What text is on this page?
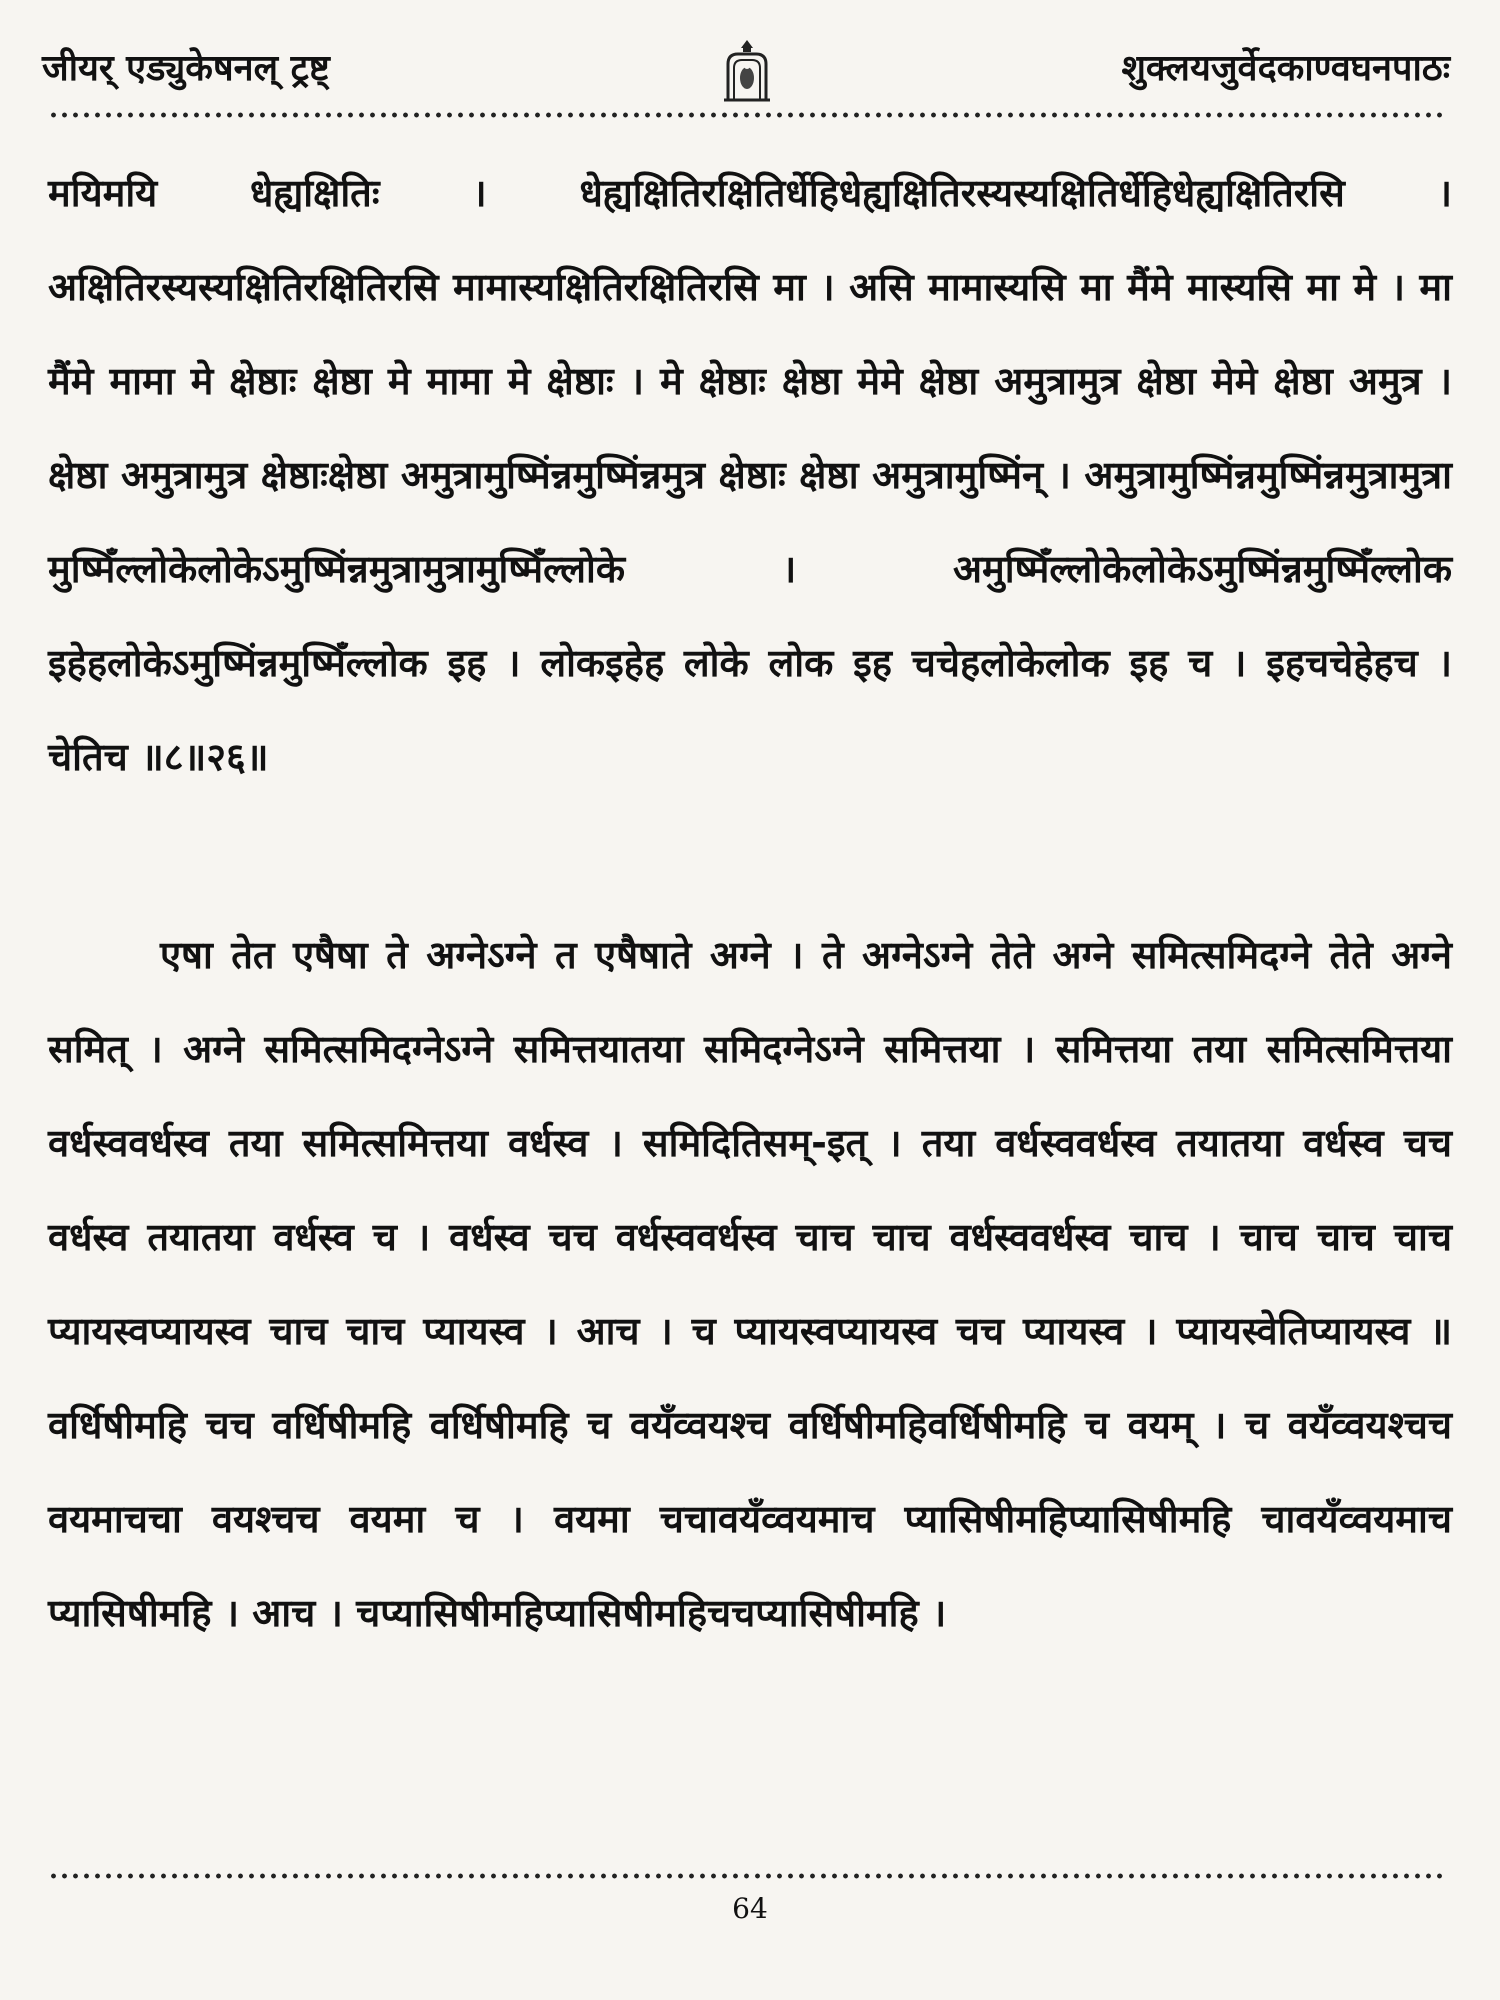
जीयर् एड्युकेषनल् ट्रष्ट्	शुक्लयजुर्वेदकाण्वघनपाठः

मयिमयि धेह्यक्षितिः । धेह्यक्षितिरक्षितिर्धेहिधेह्यक्षितिरस्यस्यक्षितिर्धेहिधेह्यक्षितिरसि । अक्षितिरस्यस्यक्षितिरक्षितिरसि मामास्यक्षितिरक्षितिरसि मा । असि मामास्यसि मा मैंमे मास्यसि मा मे । मा मैंमे मामा मे क्षेष्ठाः क्षेष्ठा मे मामा मे क्षेष्ठाः । मे क्षेष्ठाः क्षेष्ठा मेमे क्षेष्ठा अमुत्रामुत्र क्षेष्ठा मेमे क्षेष्ठा अमुत्र । क्षेष्ठा अमुत्रामुत्र क्षेष्ठाःक्षेष्ठा अमुत्रामुष्मिंन्नमुष्मिंन्नमुत्र क्षेष्ठाः क्षेष्ठा अमुत्रामुष्मिंन् । अमुत्रामुष्मिंन्नमुष्मिंन्नमुत्रामुत्रा मुष्मिँल्लोकेलोकेऽमुष्मिंन्नमुत्रामुत्रामुष्मिँल्लोके । अमुष्मिँल्लोकेलोकेऽमुष्मिंन्नमुष्मिँल्लोक इहेहलोकेऽमुष्मिंन्नमुष्मिँल्लोक इह । लोकइहेह लोके लोक इह चचेहलोकेलोक इह च । इहचचेहेहच । चेतिच ॥८॥२६॥

एषा तेत एषैषा ते अग्नेऽग्ने त एषैषाते अग्ने । ते अग्नेऽग्ने तेते अग्ने समित्समिदग्ने तेते अग्ने समित् । अग्ने समित्समिदग्नेऽग्ने समित्तयातया समिदग्नेऽग्ने समित्तया । समित्तया तया समित्समित्तया वर्धस्ववर्धस्व तया समित्समित्तया वर्धस्व । समिदितिसम्-इत् । तया वर्धस्ववर्धस्व तयातया वर्धस्व चच वर्धस्व तयातया वर्धस्व च । वर्धस्व चच वर्धस्ववर्धस्व चाच चाच वर्धस्ववर्धस्व चाच । चाच चाच चाच प्यायस्वप्यायस्व चाच चाच प्यायस्व । आच । च प्यायस्वप्यायस्व चच प्यायस्व । प्यायस्वेतिप्यायस्व ॥ वर्धिषीमहि चच वर्धिषीमहि वर्धिषीमहि च वयँव्वयश्च वर्धिषीमहिवर्धिषीमहि च वयम् । च वयँव्वयश्चच वयमाचचा वयश्चच वयमा च । वयमा चचावयँव्वयमाच प्यासिषीमहिप्यासिषीमहि चावयँव्वयमाच प्यासिषीमहि । आच । चप्यासिषीमहिप्यासिषीमहिचचप्यासिषीमहि ।

64
